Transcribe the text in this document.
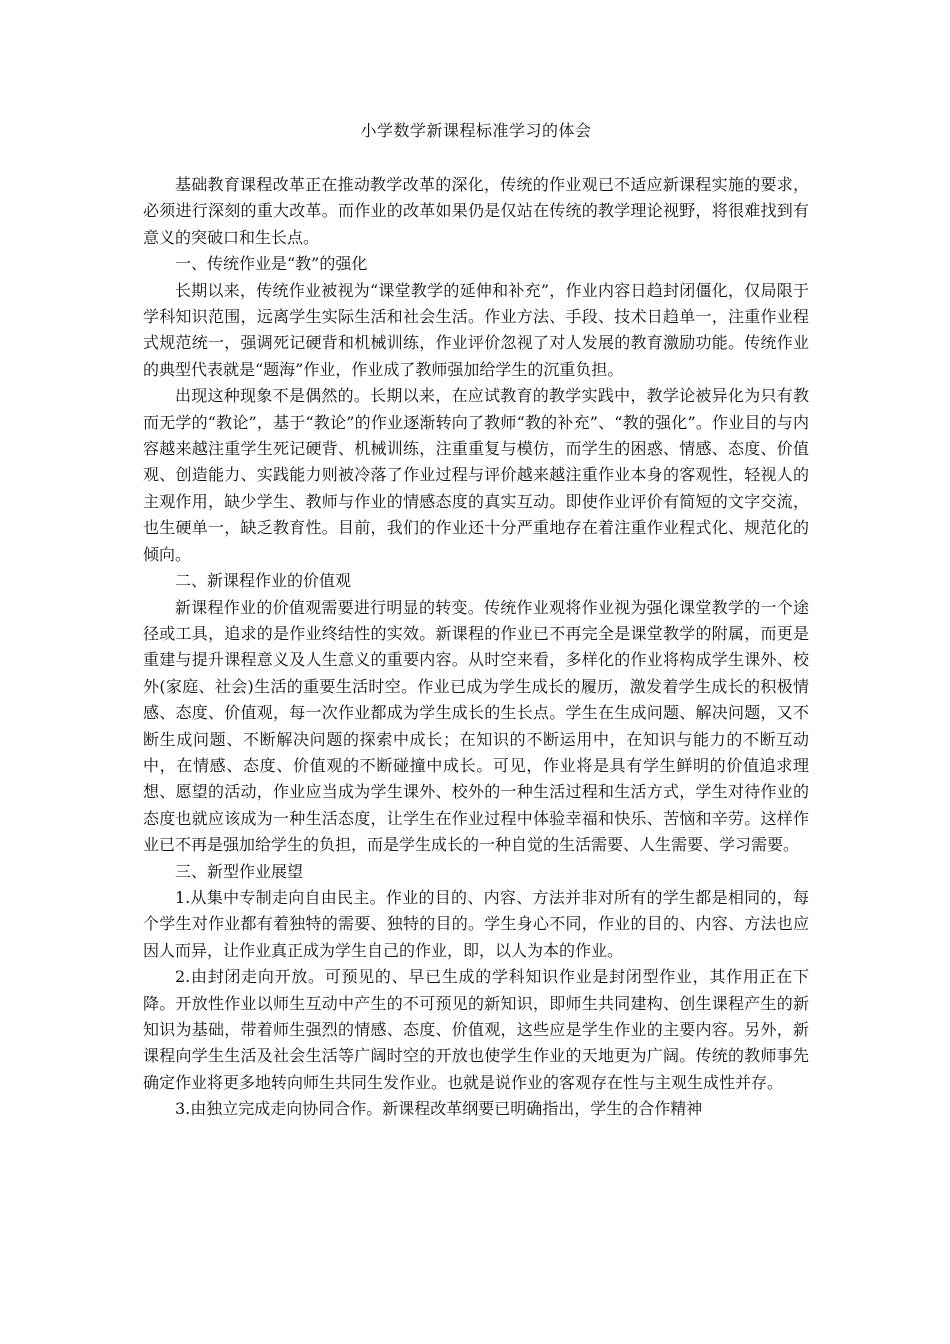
小学数学新课程标准学习的体会

基础教育课程改革正在推动教学改革的深化，传统的作业观已不适应新课程实施的要求，必须进行深刻的重大改革。而作业的改革如果仍是仅站在传统的教学理论视野，将很难找到有意义的突破口和生长点。

一、传统作业是“教”的强化

长期以来，传统作业被视为“课堂教学的延伸和补充”，作业内容日趋封闭僵化，仅局限于学科知识范围，远离学生实际生活和社会生活。作业方法、手段、技术日趋单一，注重作业程式规范统一，强调死记硬背和机械训练，作业评价忽视了对人发展的教育激励功能。传统作业的典型代表就是“题海”作业，作业成了教师强加给学生的沉重负担。

出现这种现象不是偶然的。长期以来，在应试教育的教学实践中，教学论被异化为只有教而无学的“教论”，基于“教论”的作业逐渐转向了教师“教的补充”、“教的强化”。作业目的与内容越来越注重学生死记硬背、机械训练，注重重复与模仿，而学生的困惑、情感、态度、价值观、创造能力、实践能力则被冷落了作业过程与评价越来越注重作业本身的客观性，轻视人的主观作用，缺少学生、教师与作业的情感态度的真实互动。即使作业评价有简短的文字交流，也生硬单一，缺乏教育性。目前，我们的作业还十分严重地存在着注重作业程式化、规范化的倾向。

二、新课程作业的价值观

新课程作业的价值观需要进行明显的转变。传统作业观将作业视为强化课堂教学的一个途径或工具，追求的是作业终结性的实效。新课程的作业已不再完全是课堂教学的附属，而更是重建与提升课程意义及人生意义的重要内容。从时空来看，多样化的作业将构成学生课外、校外(家庭、社会)生活的重要生活时空。作业已成为学生成长的履历，激发着学生成长的积极情感、态度、价值观，每一次作业都成为学生成长的生长点。学生在生成问题、解决问题，又不断生成问题、不断解决问题的探索中成长；在知识的不断运用中，在知识与能力的不断互动中，在情感、态度、价值观的不断碰撞中成长。可见，作业将是具有学生鲜明的价值追求理想、愿望的活动，作业应当成为学生课外、校外的一种生活过程和生活方式，学生对待作业的态度也就应该成为一种生活态度，让学生在作业过程中体验幸福和快乐、苦恼和辛劳。这样作业已不再是强加给学生的负担，而是学生成长的一种自觉的生活需要、人生需要、学习需要。

三、新型作业展望

1.从集中专制走向自由民主。作业的目的、内容、方法并非对所有的学生都是相同的，每个学生对作业都有着独特的需要、独特的目的。学生身心不同，作业的目的、内容、方法也应因人而异，让作业真正成为学生自己的作业，即，以人为本的作业。

2.由封闭走向开放。可预见的、早已生成的学科知识作业是封闭型作业，其作用正在下降。开放性作业以师生互动中产生的不可预见的新知识，即师生共同建构、创生课程产生的新知识为基础，带着师生强烈的情感、态度、价值观，这些应是学生作业的主要内容。另外，新课程向学生生活及社会生活等广阔时空的开放也使学生作业的天地更为广阔。传统的教师事先确定作业将更多地转向师生共同生发作业。也就是说作业的客观存在性与主观生成性并存。

3.由独立完成走向协同合作。新课程改革纲要已明确指出，学生的合作精神
